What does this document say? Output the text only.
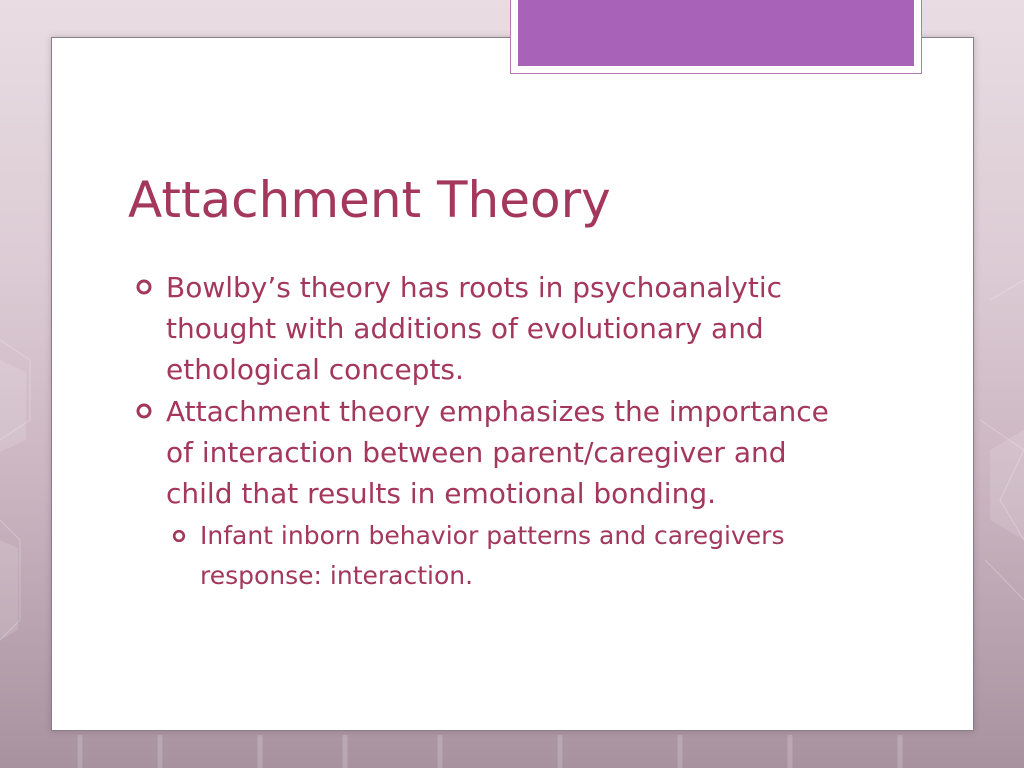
Attachment Theory
Bowlby’s theory has roots in psychoanalytic thought with additions of evolutionary and ethological concepts.
Attachment theory emphasizes the importance of interaction between parent/caregiver and child that results in emotional bonding.
Infant inborn behavior patterns and caregivers response: interaction.
